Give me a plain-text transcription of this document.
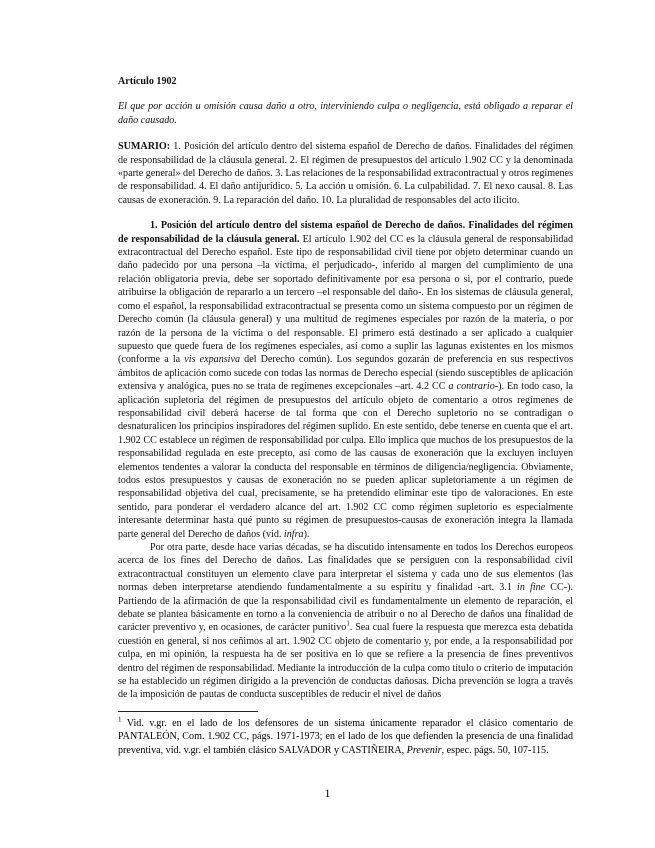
Artículo 1902
El que por acción u omisión causa daño a otro, interviniendo culpa o negligencia, está obligado a reparar el daño causado.
SUMARIO: 1. Posición del artículo dentro del sistema español de Derecho de daños. Finalidades del régimen de responsabilidad de la cláusula general. 2. El régimen de presupuestos del artículo 1.902 CC y la denominada «parte general» del Derecho de daños. 3. Las relaciones de la responsabilidad extracontractual y otros regímenes de responsabilidad. 4. El daño antijurídico. 5. La acción u omisión. 6. La culpabilidad. 7. El nexo causal. 8. Las causas de exoneración. 9. La reparación del daño. 10. La pluralidad de responsables del acto ilícito.

1. Posición del artículo dentro del sistema español de Derecho de daños. Finalidades del régimen de responsabilidad de la cláusula general. El artículo 1.902 del CC es la cláusula general de responsabilidad extracontractual del Derecho español. Este tipo de responsabilidad civil tiene por objeto determinar cuando un daño padecido por una persona –la víctima, el perjudicado-, inferido al margen del cumplimiento de una relación obligatoria previa, debe ser soportado definitivamente por esa persona o si, por el contrario, puede atribuirse la obligación de repararlo a un tercero –el responsable del daño-. En los sistemas de cláusula general, como el español, la responsabilidad extracontractual se presenta como un sistema compuesto por un régimen de Derecho común (la cláusula general) y una multitud de regímenes especiales por razón de la materia, o por razón de la persona de la víctima o del responsable. El primero está destinado a ser aplicado a cualquier supuesto que quede fuera de los regímenes especiales, así como a suplir las lagunas existentes en los mismos (conforme a la vis expansiva del Derecho común). Los segundos gozarán de preferencia en sus respectivos ámbitos de aplicación como sucede con todas las normas de Derecho especial (siendo susceptibles de aplicación extensiva y analógica, pues no se trata de regímenes excepcionales –art. 4.2 CC a contrario-). En todo caso, la aplicación supletoria del régimen de presupuestos del artículo objeto de comentario a otros regímenes de responsabilidad civil deberá hacerse de tal forma que con el Derecho supletorio no se contradigan o desnaturalicen los principios inspiradores del régimen suplido. En este sentido, debe tenerse en cuenta que el art. 1.902 CC establece un régimen de responsabilidad por culpa. Ello implica que muchos de los presupuestos de la responsabilidad regulada en este precepto, así como de las causas de exoneración que la excluyen incluyen elementos tendentes a valorar la conducta del responsable en términos de diligencia/negligencia. Obviamente, todos estos presupuestos y causas de exoneración no se pueden aplicar supletoriamente a un régimen de responsabilidad objetiva del cual, precisamente, se ha pretendido eliminar este tipo de valoraciones. En este sentido, para ponderar el verdadero alcance del art. 1.902 CC como régimen supletorio es especialmente interesante determinar hasta qué punto su régimen de presupuestos-causas de exoneración integra la llamada parte general del Derecho de daños (vid. infra).

Por otra parte, desde hace varias décadas, se ha discutido intensamente en todos los Derechos europeos acerca de los fines del Derecho de daños. Las finalidades que se persiguen con la responsabilidad civil extracontractual constituyen un elemento clave para interpretar el sistema y cada uno de sus elementos (las normas deben interpretarse atendiendo fundamentalmente a su espíritu y finalidad -art. 3.1 in fine CC-). Partiendo de la afirmación de que la responsabilidad civil es fundamentalmente un elemento de reparación, el debate se plantea básicamente en torno a la conveniencia de atribuir o no al Derecho de daños una finalidad de carácter preventivo y, en ocasiones, de carácter punitivo$^1$. Sea cual fuere la respuesta que merezca esta debatida cuestión en general, si nos ceñimos al art. 1.902 CC objeto de comentario y, por ende, a la responsabilidad por culpa, en mi opinión, la respuesta ha de ser positiva en lo que se refiere a la presencia de fines preventivos dentro del régimen de responsabilidad. Mediante la introducción de la culpa como título o criterio de imputación se ha establecido un régimen dirigido a la prevención de conductas dañosas. Dicha prevención se logra a través de la imposición de pautas de conducta susceptibles de reducir el nivel de daños

$^1$ Vid. v.gr. en el lado de los defensores de un sistema únicamente reparador el clásico comentario de PANTALEÓN, Com. 1.902 CC, págs. 1971-1973; en el lado de los que defienden la presencia de una finalidad preventiva, vid. v.gr. el también clásico SALVADOR y CASTIÑEIRA, Prevenir, espec. págs. 50, 107-115.
1
